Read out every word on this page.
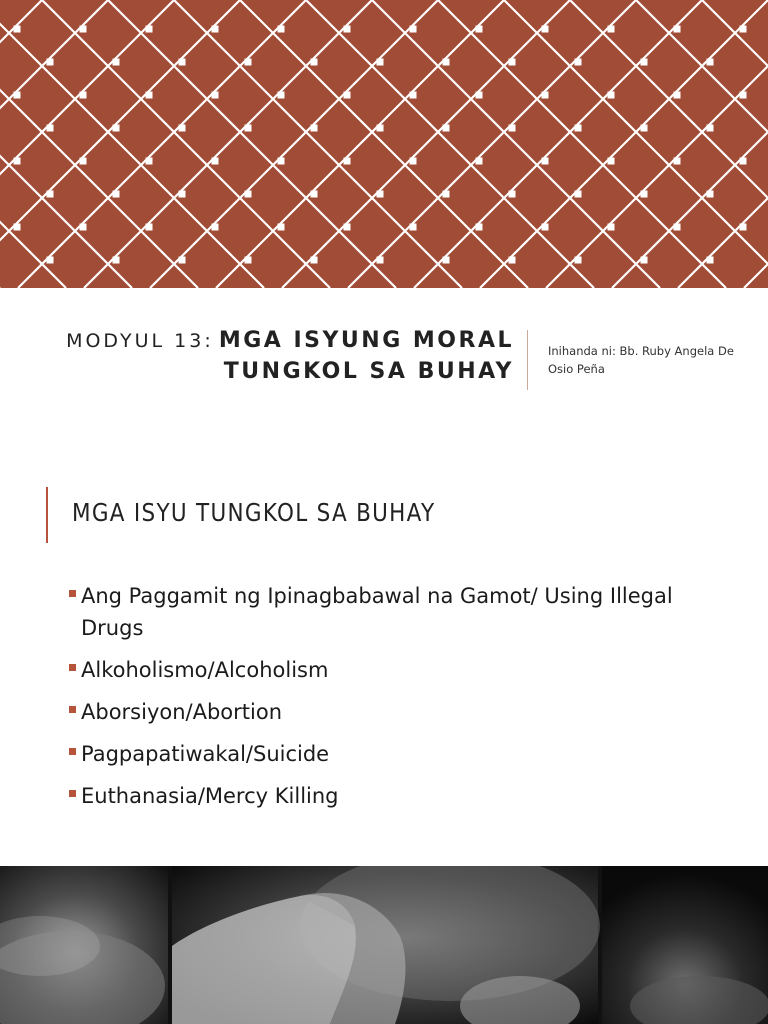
MODYUL 13: MGA ISYUNG MORAL
TUNGKOL SA BUHAY
Inihanda ni: Bb. Ruby Angela De
Osio Peña
MGA ISYU TUNGKOL SA BUHAY
Ang Paggamit ng Ipinagbabawal na Gamot/ Using Illegal Drugs
Alkoholismo/Alcoholism
Aborsiyon/Abortion
Pagpapatiwakal/Suicide
Euthanasia/Mercy Killing
